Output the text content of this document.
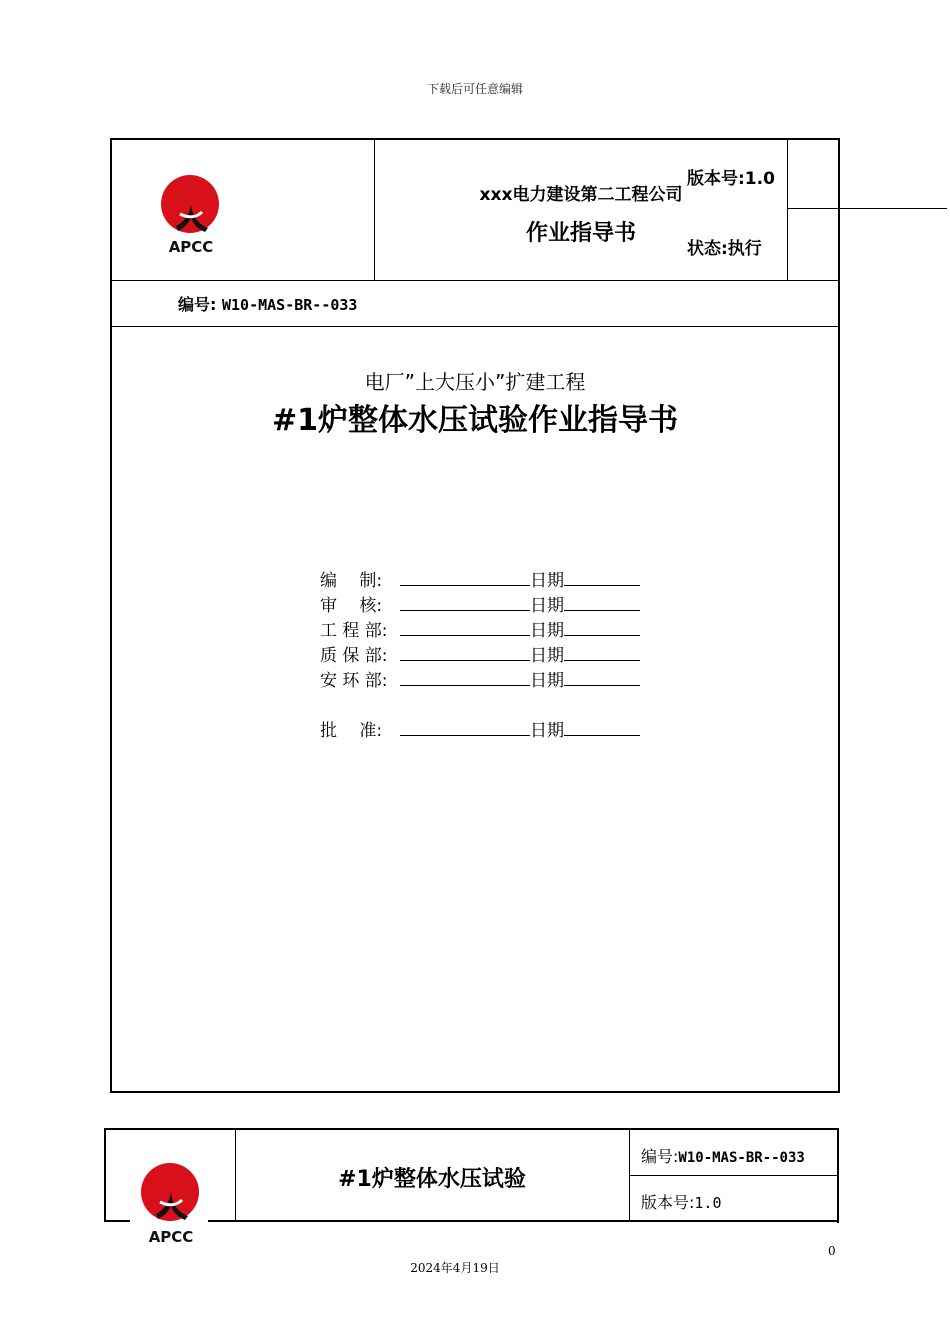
下载后可任意编辑
APCC
xxx电力建设第二工程公司
作业指导书
版本号:1.0
状态:执行
编号: W10-MAS-BR--033
电厂”上大压小”扩建工程
#1炉整体水压试验作业指导书
编　 制:	日期
审　 核:	日期
工 程 部:	日期
质 保 部:	日期
安 环 部:	日期
批　 准:	日期
APCC
#1炉整体水压试验
编号:W10-MAS-BR--033
版本号:1.0
0
2024年4月19日
